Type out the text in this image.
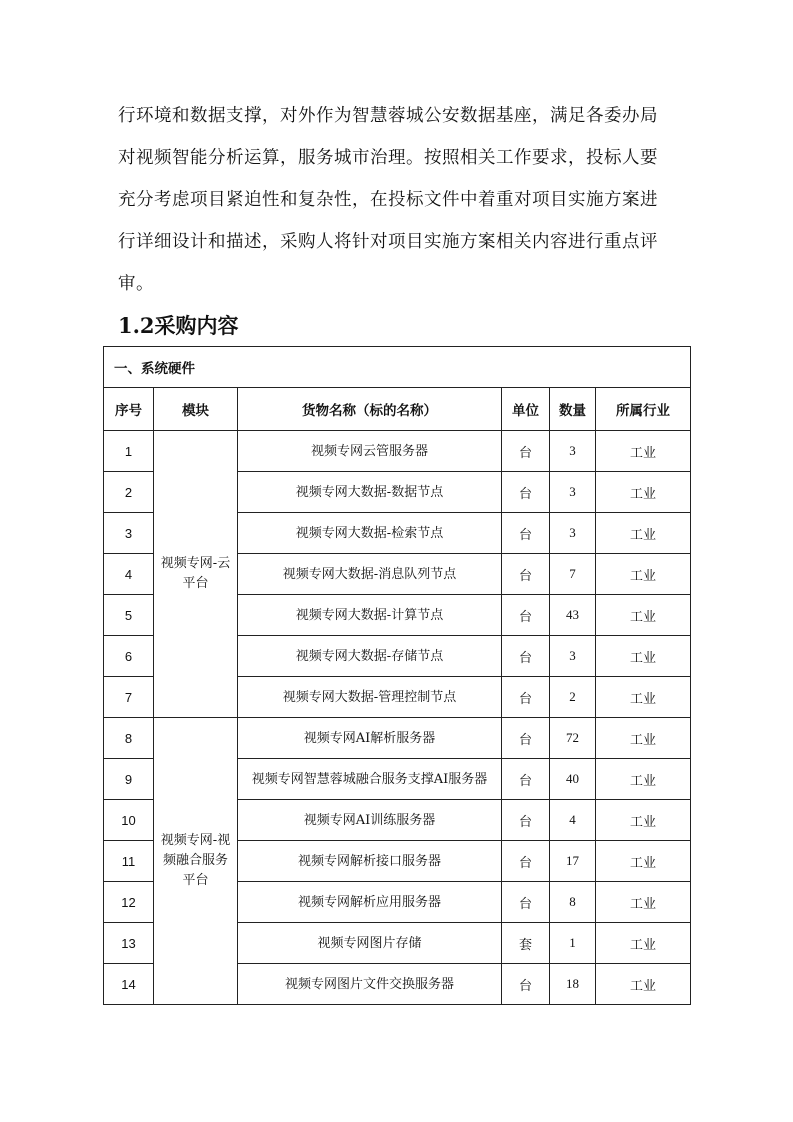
行环境和数据支撑，对外作为智慧蓉城公安数据基座，满足各委办局
对视频智能分析运算，服务城市治理。按照相关工作要求，投标人要
充分考虑项目紧迫性和复杂性，在投标文件中着重对项目实施方案进
行详细设计和描述，采购人将针对项目实施方案相关内容进行重点评
审。
1.2采购内容
一、系统硬件					
序号	模块	货物名称（标的名称）	单位	数量	所属行业
1	视频专网-云平台	视频专网云管服务器	台	3	工业
2		视频专网大数据-数据节点	台	3	工业
3		视频专网大数据-检索节点	台	3	工业
4		视频专网大数据-消息队列节点	台	7	工业
5		视频专网大数据-计算节点	台	43	工业
6		视频专网大数据-存储节点	台	3	工业
7		视频专网大数据-管理控制节点	台	2	工业
8	视频专网-视频融合服务平台	视频专网AI解析服务器	台	72	工业
9		视频专网智慧蓉城融合服务支撑AI服务器	台	40	工业
10		视频专网AI训练服务器	台	4	工业
11		视频专网解析接口服务器	台	17	工业
12		视频专网解析应用服务器	台	8	工业
13		视频专网图片存储	套	1	工业
14		视频专网图片文件交换服务器	台	18	工业
